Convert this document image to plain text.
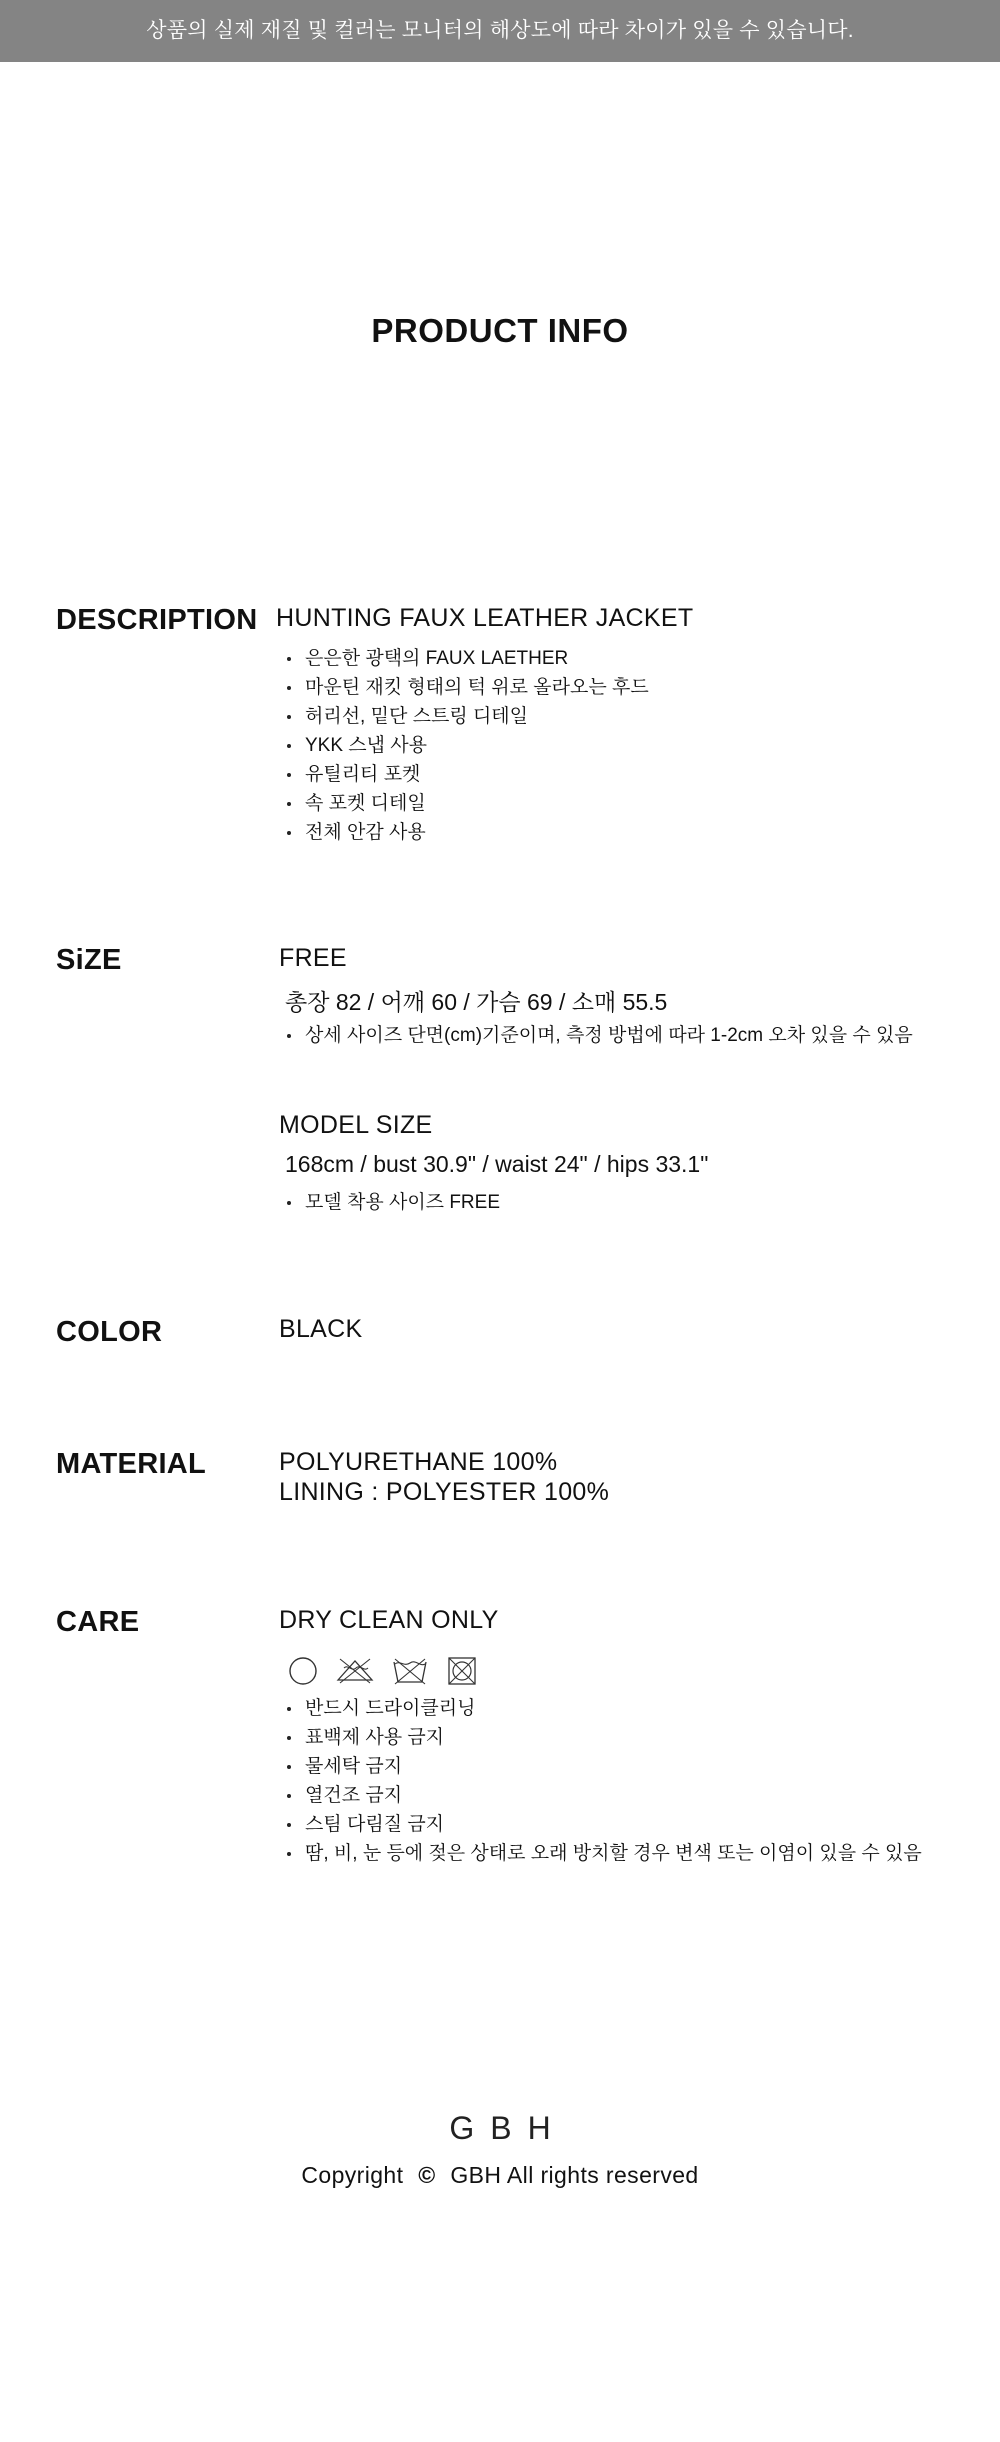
상품의 실제 재질 및 컬러는 모니터의 해상도에 따라 차이가 있을 수 있습니다.
PRODUCT INFO
DESCRIPTION HUNTING FAUX LEATHER JACKET
은은한 광택의 FAUX LAETHER
마운틴 재킷 형태의 턱 위로 올라오는 후드
허리선, 밑단 스트링 디테일
YKK 스냅 사용
유틸리티 포켓
속 포켓 디테일
전체 안감 사용
SiZE	FREE
총장 82 / 어깨 60 / 가슴 69 / 소매 55.5
상세 사이즈 단면(cm)기준이며, 측정 방법에 따라 1-2cm 오차 있을 수 있음
MODEL SIZE
168cm / bust 30.9" / waist 24" / hips 33.1"
모델 착용 사이즈 FREE
COLOR	BLACK
MATERIAL	POLYURETHANE 100%
LINING : POLYESTER 100%
CARE	DRY CLEAN ONLY
반드시 드라이클리닝
표백제 사용 금지
물세탁 금지
열건조 금지
스팀 다림질 금지
땀, 비, 눈 등에 젖은 상태로 오래 방치할 경우 변색 또는 이염이 있을 수 있음
GBH
Copyright © GBH All rights reserved
